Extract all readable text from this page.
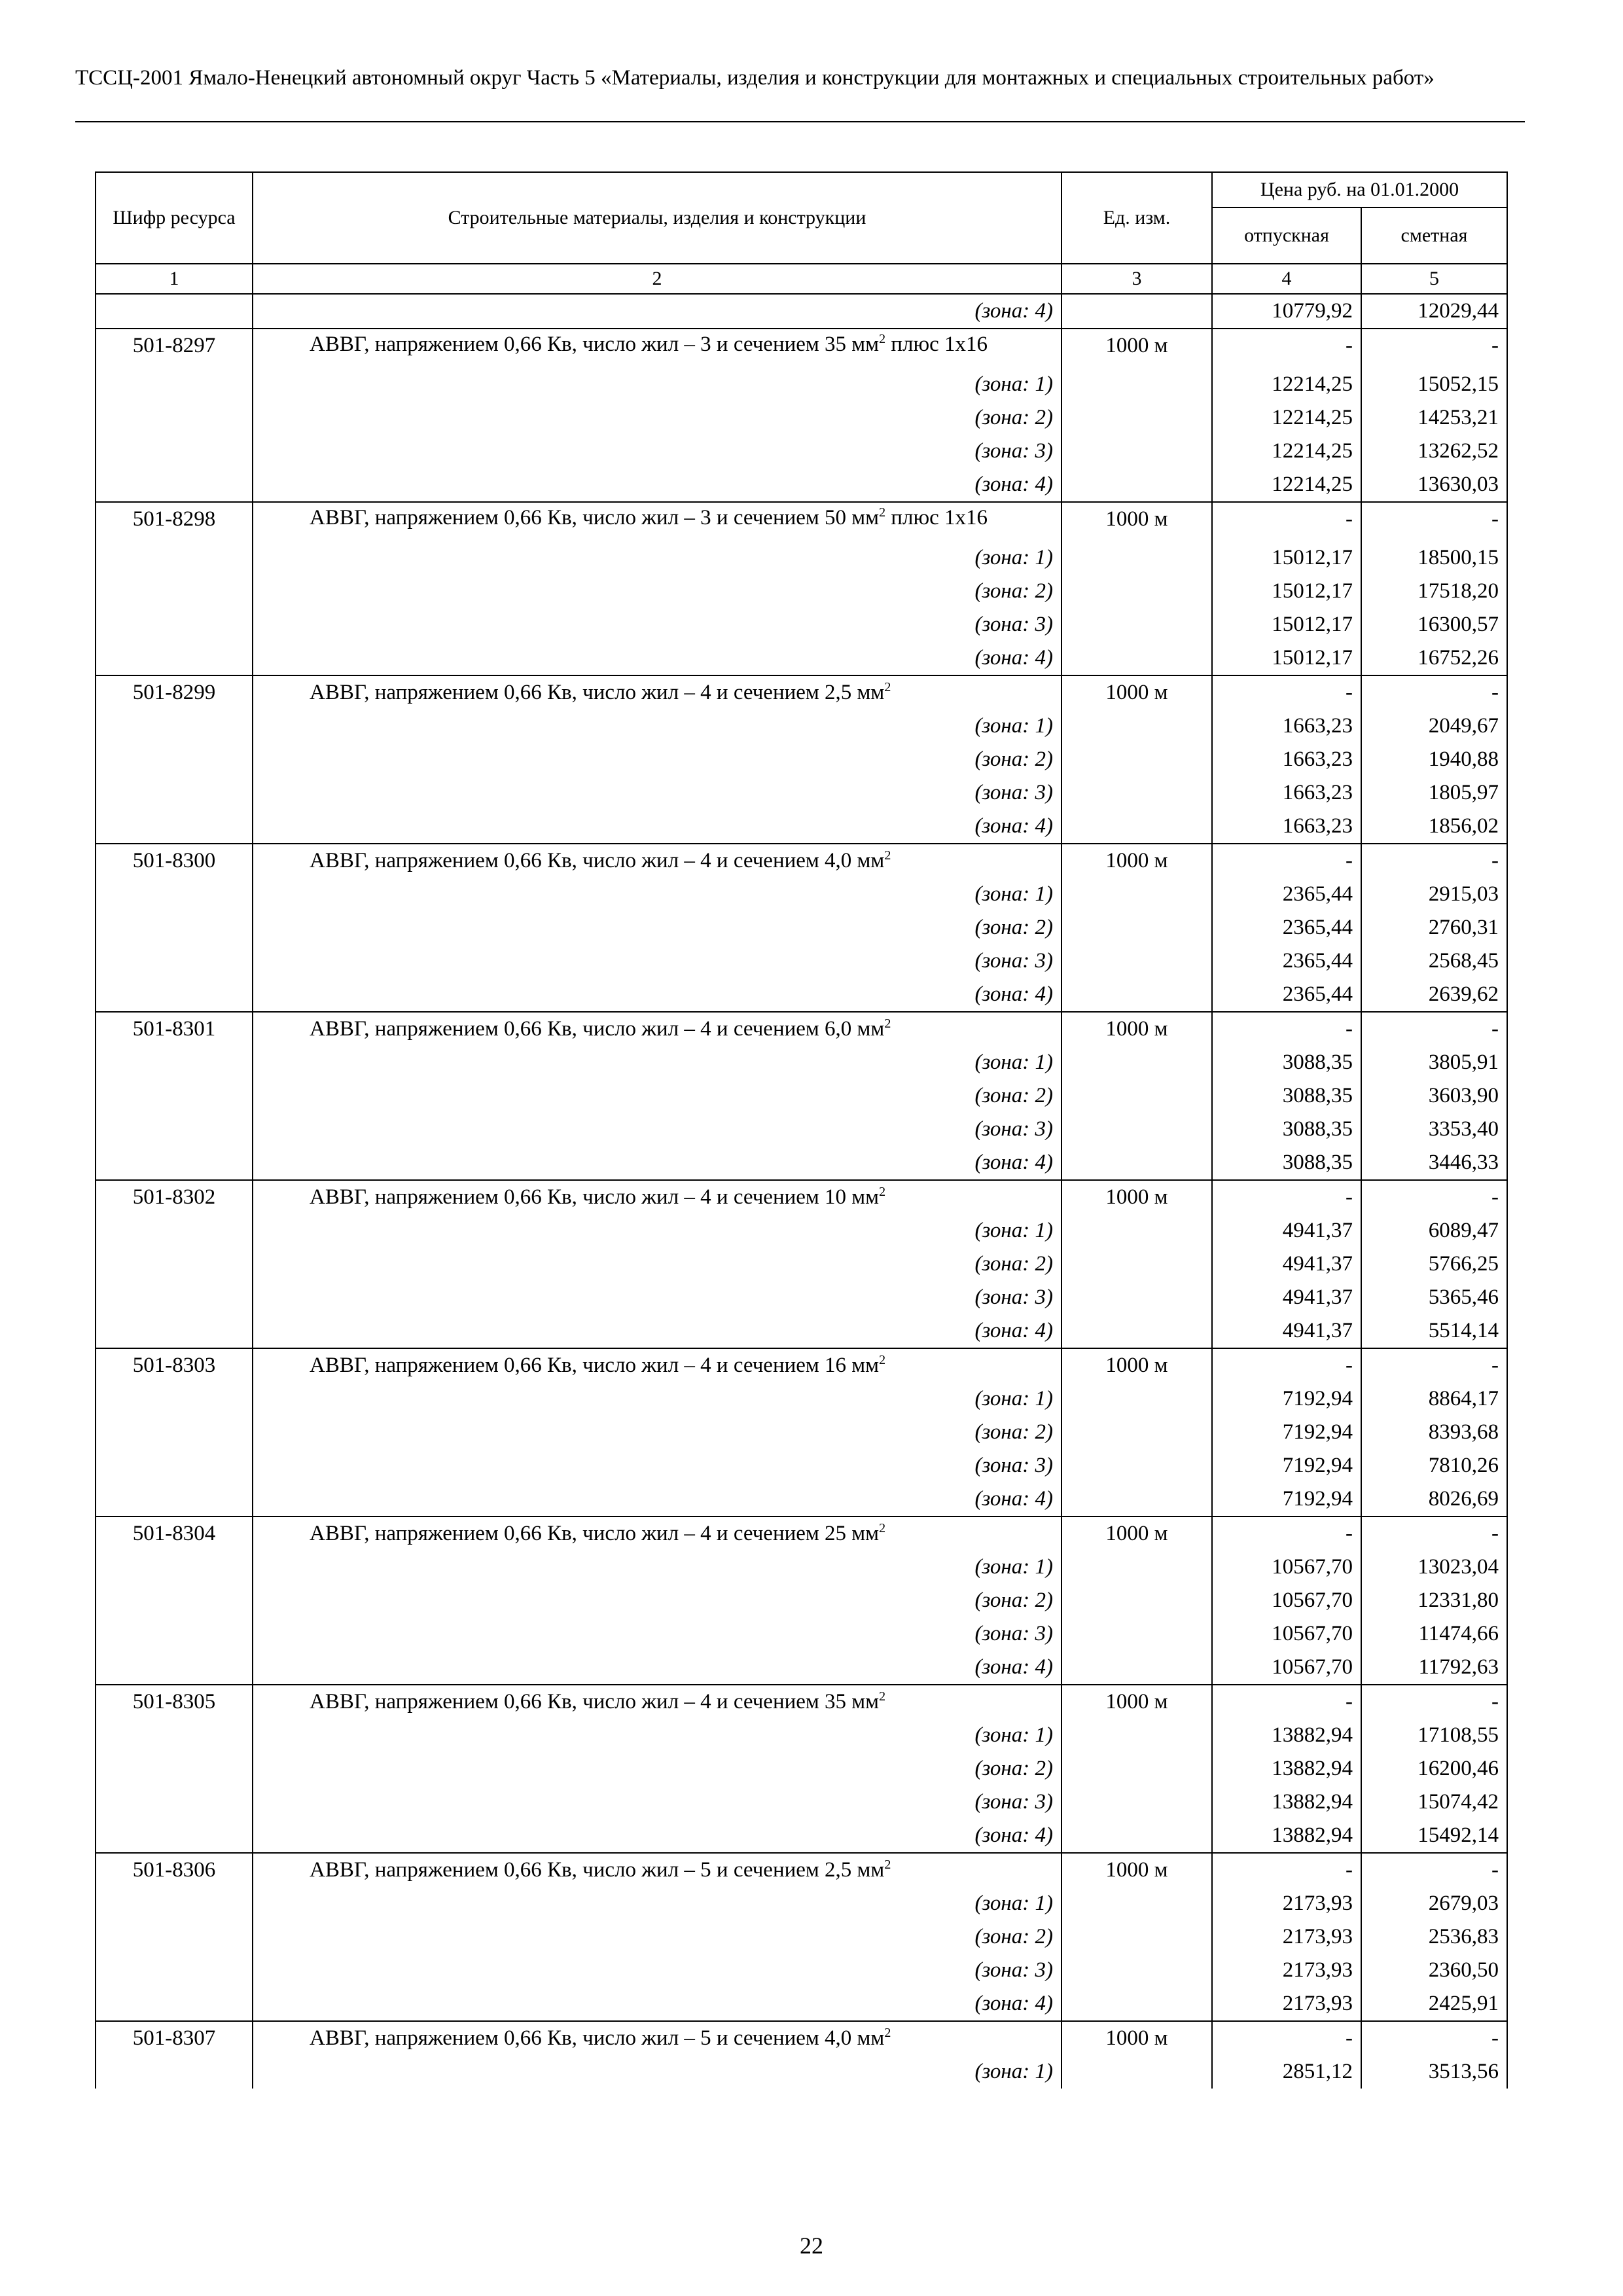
ТССЦ-2001 Ямало-Ненецкий автономный округ Часть 5 «Материалы, изделия и конструкции для монтажных и специальных строительных работ»
Шифр ресурса	Строительные материалы, изделия и конструкции	Ед. изм.	Цена руб. на 01.01.2000	
			отпускная	сметная
1	2	3	4	5
	(зона: 4)		10779,92	12029,44
501-8297	АВВГ, напряжением 0,66 Кв, число жил – 3 и сечением 35 $мм^2$ плюс 1х16	1000 м	-	-
	(зона: 1)		12214,25	15052,15
	(зона: 2)		12214,25	14253,21
	(зона: 3)		12214,25	13262,52
	(зона: 4)		12214,25	13630,03
501-8298	АВВГ, напряжением 0,66 Кв, число жил – 3 и сечением 50 $мм^2$ плюс 1х16	1000 м	-	-
	(зона: 1)		15012,17	18500,15
	(зона: 2)		15012,17	17518,20
	(зона: 3)		15012,17	16300,57
	(зона: 4)		15012,17	16752,26
501-8299	АВВГ, напряжением 0,66 Кв, число жил – 4 и сечением 2,5 $мм^2$	1000 м	-	-
	(зона: 1)		1663,23	2049,67
	(зона: 2)		1663,23	1940,88
	(зона: 3)		1663,23	1805,97
	(зона: 4)		1663,23	1856,02
501-8300	АВВГ, напряжением 0,66 Кв, число жил – 4 и сечением 4,0 $мм^2$	1000 м	-	-
	(зона: 1)		2365,44	2915,03
	(зона: 2)		2365,44	2760,31
	(зона: 3)		2365,44	2568,45
	(зона: 4)		2365,44	2639,62
501-8301	АВВГ, напряжением 0,66 Кв, число жил – 4 и сечением 6,0 $мм^2$	1000 м	-	-
	(зона: 1)		3088,35	3805,91
	(зона: 2)		3088,35	3603,90
	(зона: 3)		3088,35	3353,40
	(зона: 4)		3088,35	3446,33
501-8302	АВВГ, напряжением 0,66 Кв, число жил – 4 и сечением 10 $мм^2$	1000 м	-	-
	(зона: 1)		4941,37	6089,47
	(зона: 2)		4941,37	5766,25
	(зона: 3)		4941,37	5365,46
	(зона: 4)		4941,37	5514,14
501-8303	АВВГ, напряжением 0,66 Кв, число жил – 4 и сечением 16 $мм^2$	1000 м	-	-
	(зона: 1)		7192,94	8864,17
	(зона: 2)		7192,94	8393,68
	(зона: 3)		7192,94	7810,26
	(зона: 4)		7192,94	8026,69
501-8304	АВВГ, напряжением 0,66 Кв, число жил – 4 и сечением 25 $мм^2$	1000 м	-	-
	(зона: 1)		10567,70	13023,04
	(зона: 2)		10567,70	12331,80
	(зона: 3)		10567,70	11474,66
	(зона: 4)		10567,70	11792,63
501-8305	АВВГ, напряжением 0,66 Кв, число жил – 4 и сечением 35 $мм^2$	1000 м	-	-
	(зона: 1)		13882,94	17108,55
	(зона: 2)		13882,94	16200,46
	(зона: 3)		13882,94	15074,42
	(зона: 4)		13882,94	15492,14
501-8306	АВВГ, напряжением 0,66 Кв, число жил – 5 и сечением 2,5 $мм^2$	1000 м	-	-
	(зона: 1)		2173,93	2679,03
	(зона: 2)		2173,93	2536,83
	(зона: 3)		2173,93	2360,50
	(зона: 4)		2173,93	2425,91
501-8307	АВВГ, напряжением 0,66 Кв, число жил – 5 и сечением 4,0 $мм^2$	1000 м	-	-
	(зона: 1)		2851,12	3513,56
22
